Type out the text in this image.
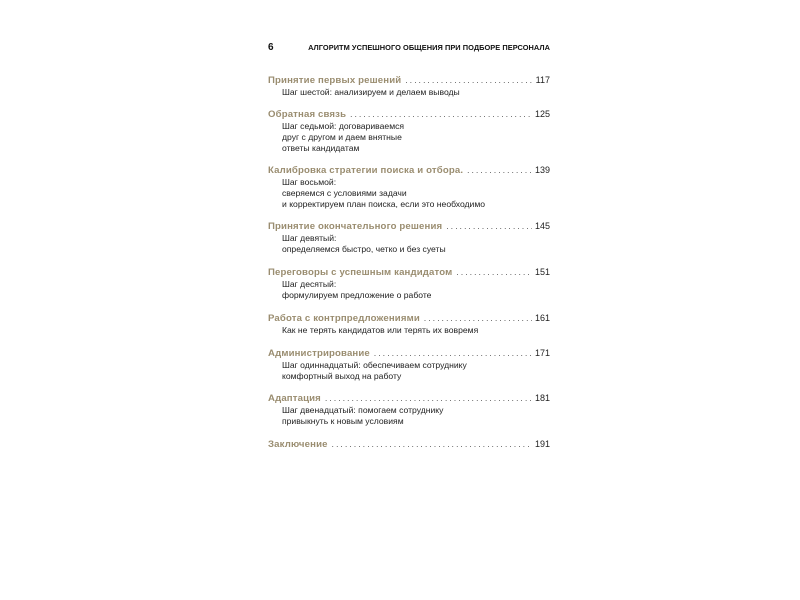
6	АЛГОРИТМ УСПЕШНОГО ОБЩЕНИЯ ПРИ ПОДБОРЕ ПЕРСОНАЛА
Принятие первых решений . . .	117
Шаг шестой: анализируем и делаем выводы
Обратная связь . . .	125
Шаг седьмой: договариваемся
друг с другом и даем внятные
ответы кандидатам
Калибровка стратегии поиска и отбора. . . .	139
Шаг восьмой:
сверяемся с условиями задачи
и корректируем план поиска, если это необходимо
Принятие окончательного решения . . .	145
Шаг девятый:
определяемся быстро, четко и без суеты
Переговоры с успешным кандидатом . . .	151
Шаг десятый:
формулируем предложение о работе
Работа с контрпредложениями . . .	161
Как не терять кандидатов или терять их вовремя
Администрирование . . .	171
Шаг одиннадцатый: обеспечиваем сотруднику
комфортный выход на работу
Адаптация . . .	181
Шаг двенадцатый: помогаем сотруднику
привыкнуть к новым условиям
Заключение . . .	191
